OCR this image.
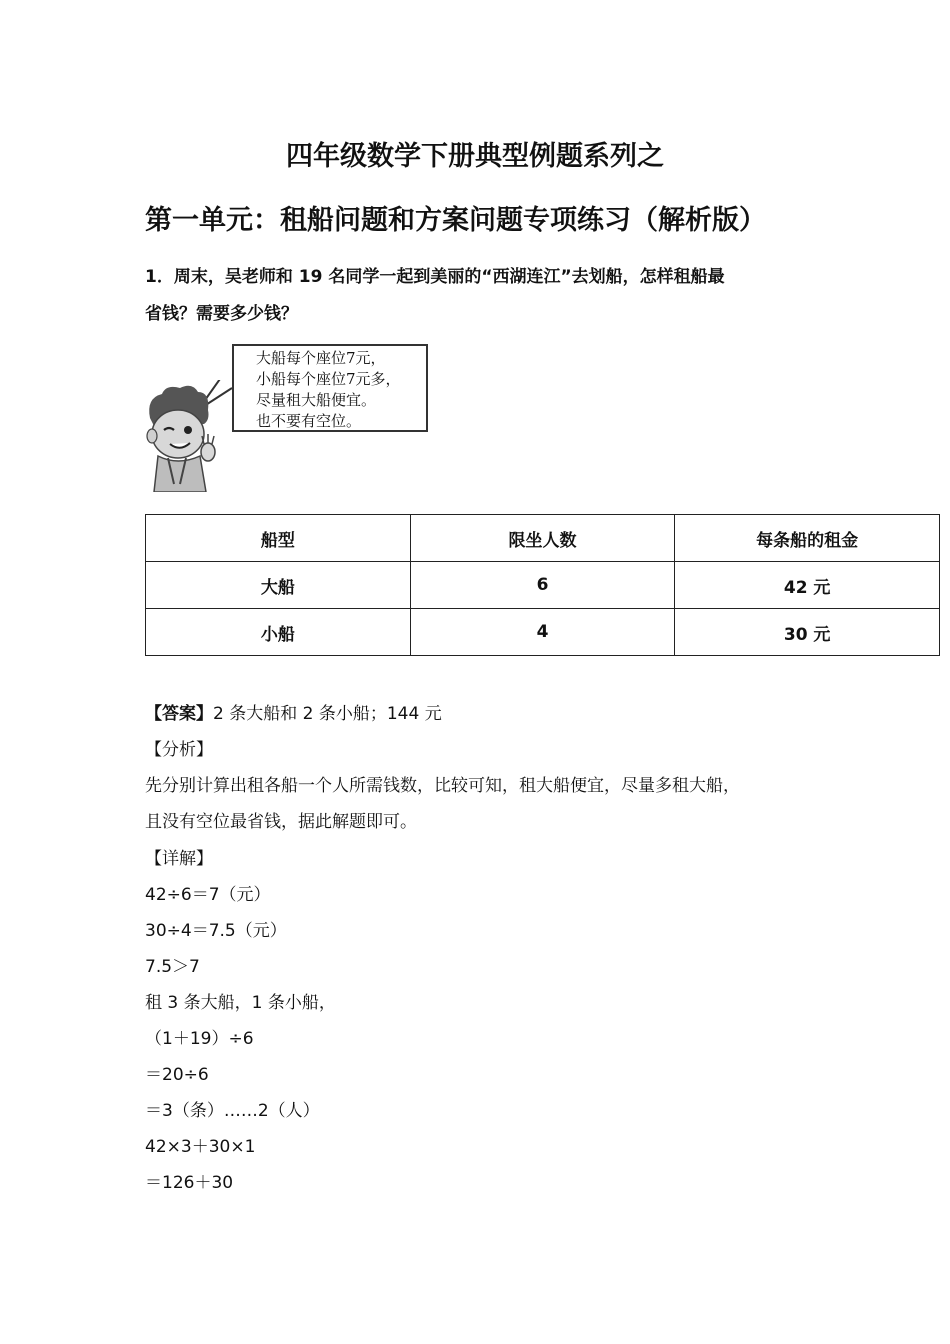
四年级数学下册典型例题系列之
第一单元：租船问题和方案问题专项练习（解析版）
1．周末，吴老师和 19 名同学一起到美丽的“西湖连江”去划船，怎样租船最
省钱？需要多少钱？
大船每个座位7元，
小船每个座位7元多，
尽量租大船便宜。
也不要有空位。
船型	限坐人数	每条船的租金
大船	6	42 元
小船	4	30 元
【答案】2 条大船和 2 条小船；144 元
【分析】
先分别计算出租各船一个人所需钱数，比较可知，租大船便宜，尽量多租大船，
且没有空位最省钱，据此解题即可。
【详解】
42÷6＝7（元）
30÷4＝7.5（元）
7.5＞7
租 3 条大船，1 条小船，
（1＋19）÷6
＝20÷6
＝3（条）……2（人）
42×3＋30×1
＝126＋30
